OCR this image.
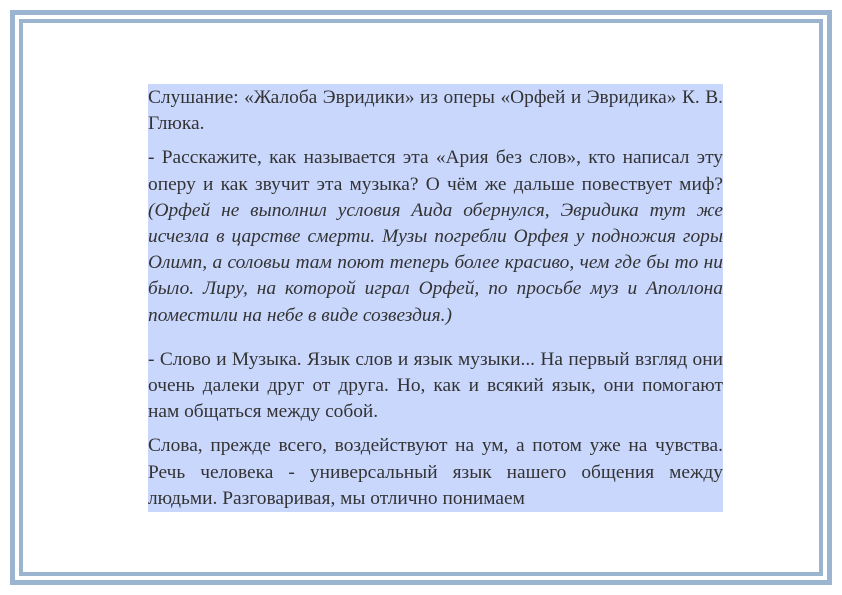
Слушание: «Жалоба Эвридики» из оперы «Орфей и Эвридика» К. В. Глюка.

- Расскажите, как называется эта «Ария без слов», кто написал эту оперу и как звучит эта музыка? О чём же дальше повествует миф? (Орфей не выполнил условия Аида обернулся, Эвридика тут же исчезла в царстве смерти. Музы погребли Орфея у подножия горы Олимп, а соловьи там поют теперь более красиво, чем где бы то ни было. Лиру, на которой играл Орфей, по просьбе муз и Аполлона поместили на небе в виде созвездия.)

- Слово и Музыка. Язык слов и язык музыки... На первый взгляд они очень далеки друг от друга. Но, как и всякий язык, они помогают нам общаться между собой.

Слова, прежде всего, воздействуют на ум, а потом уже на чувства. Речь человека - универсальный язык нашего общения между людьми. Разговаривая, мы отлично понимаем
